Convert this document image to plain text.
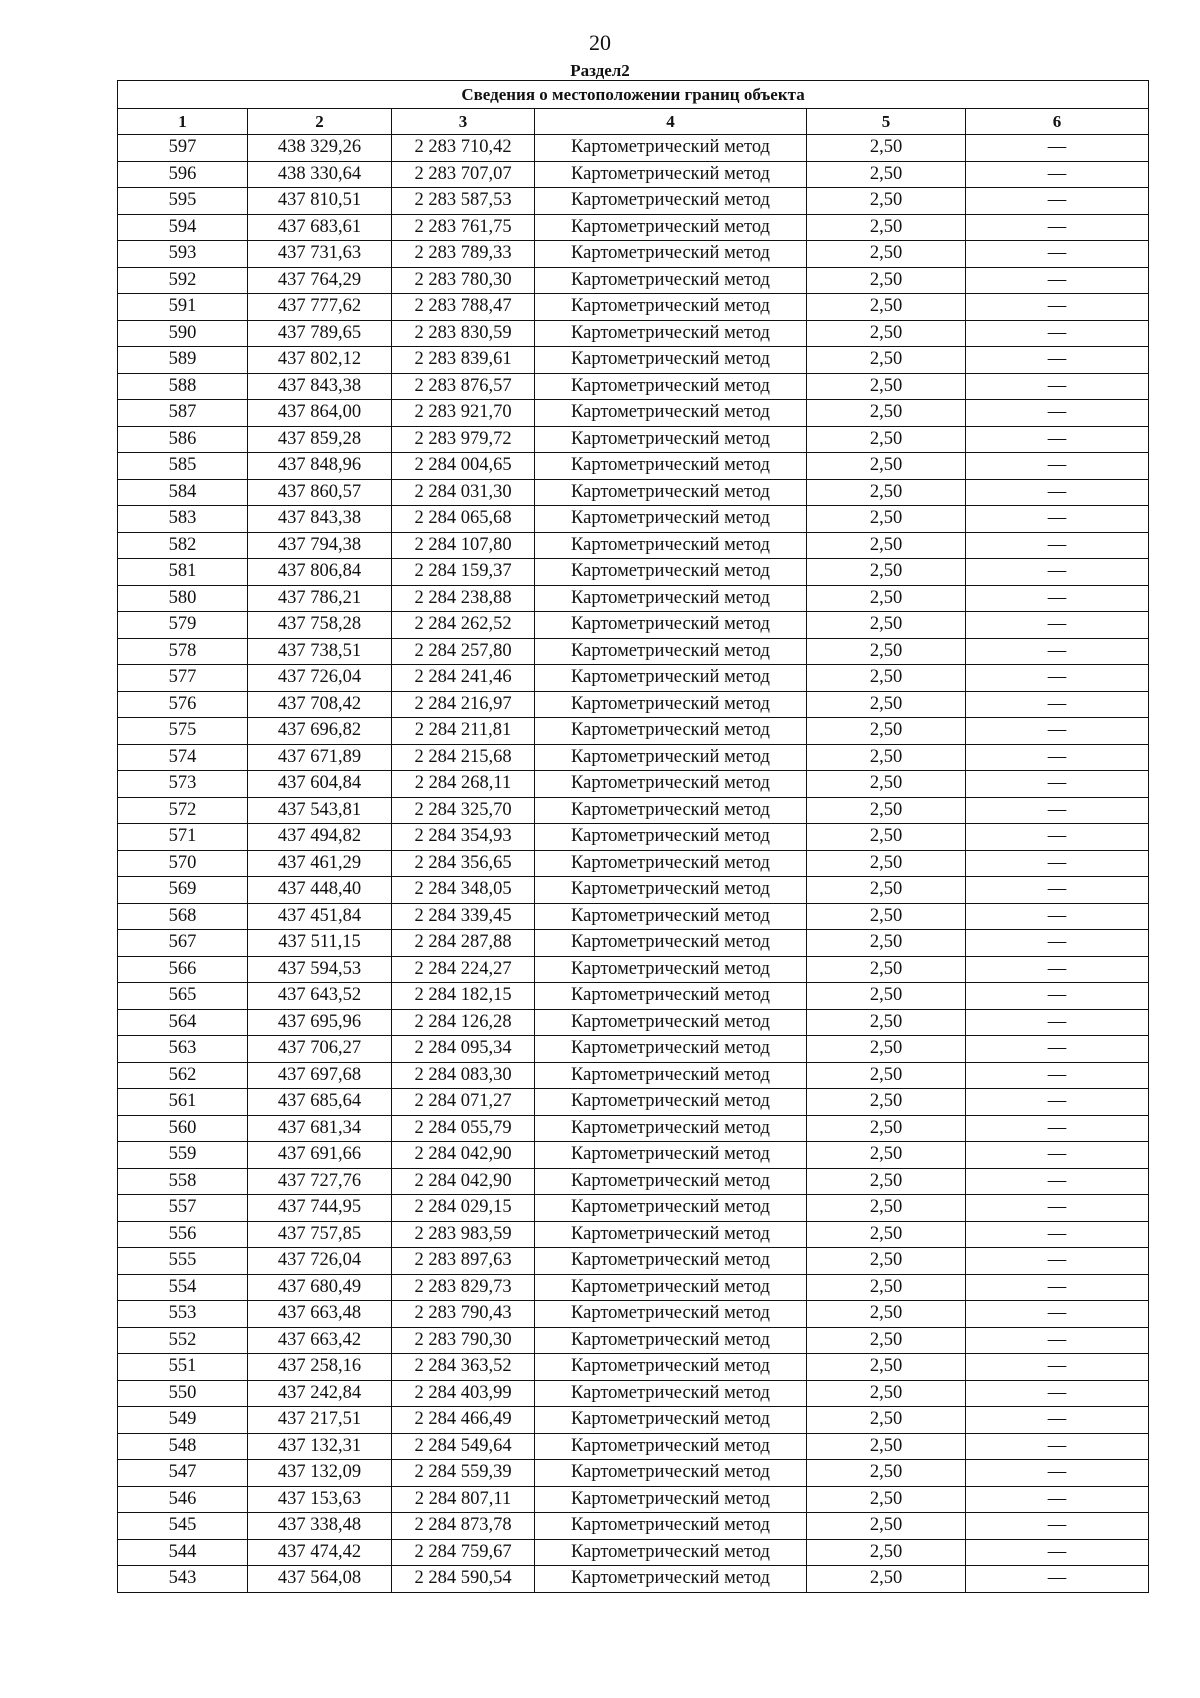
20
Раздел2
Сведения о местоположении границ объекта					
1	2	3	4	5	6
597	438 329,26	2 283 710,42	Картометрический метод	2,50	—
596	438 330,64	2 283 707,07	Картометрический метод	2,50	—
595	437 810,51	2 283 587,53	Картометрический метод	2,50	—
594	437 683,61	2 283 761,75	Картометрический метод	2,50	—
593	437 731,63	2 283 789,33	Картометрический метод	2,50	—
592	437 764,29	2 283 780,30	Картометрический метод	2,50	—
591	437 777,62	2 283 788,47	Картометрический метод	2,50	—
590	437 789,65	2 283 830,59	Картометрический метод	2,50	—
589	437 802,12	2 283 839,61	Картометрический метод	2,50	—
588	437 843,38	2 283 876,57	Картометрический метод	2,50	—
587	437 864,00	2 283 921,70	Картометрический метод	2,50	—
586	437 859,28	2 283 979,72	Картометрический метод	2,50	—
585	437 848,96	2 284 004,65	Картометрический метод	2,50	—
584	437 860,57	2 284 031,30	Картометрический метод	2,50	—
583	437 843,38	2 284 065,68	Картометрический метод	2,50	—
582	437 794,38	2 284 107,80	Картометрический метод	2,50	—
581	437 806,84	2 284 159,37	Картометрический метод	2,50	—
580	437 786,21	2 284 238,88	Картометрический метод	2,50	—
579	437 758,28	2 284 262,52	Картометрический метод	2,50	—
578	437 738,51	2 284 257,80	Картометрический метод	2,50	—
577	437 726,04	2 284 241,46	Картометрический метод	2,50	—
576	437 708,42	2 284 216,97	Картометрический метод	2,50	—
575	437 696,82	2 284 211,81	Картометрический метод	2,50	—
574	437 671,89	2 284 215,68	Картометрический метод	2,50	—
573	437 604,84	2 284 268,11	Картометрический метод	2,50	—
572	437 543,81	2 284 325,70	Картометрический метод	2,50	—
571	437 494,82	2 284 354,93	Картометрический метод	2,50	—
570	437 461,29	2 284 356,65	Картометрический метод	2,50	—
569	437 448,40	2 284 348,05	Картометрический метод	2,50	—
568	437 451,84	2 284 339,45	Картометрический метод	2,50	—
567	437 511,15	2 284 287,88	Картометрический метод	2,50	—
566	437 594,53	2 284 224,27	Картометрический метод	2,50	—
565	437 643,52	2 284 182,15	Картометрический метод	2,50	—
564	437 695,96	2 284 126,28	Картометрический метод	2,50	—
563	437 706,27	2 284 095,34	Картометрический метод	2,50	—
562	437 697,68	2 284 083,30	Картометрический метод	2,50	—
561	437 685,64	2 284 071,27	Картометрический метод	2,50	—
560	437 681,34	2 284 055,79	Картометрический метод	2,50	—
559	437 691,66	2 284 042,90	Картометрический метод	2,50	—
558	437 727,76	2 284 042,90	Картометрический метод	2,50	—
557	437 744,95	2 284 029,15	Картометрический метод	2,50	—
556	437 757,85	2 283 983,59	Картометрический метод	2,50	—
555	437 726,04	2 283 897,63	Картометрический метод	2,50	—
554	437 680,49	2 283 829,73	Картометрический метод	2,50	—
553	437 663,48	2 283 790,43	Картометрический метод	2,50	—
552	437 663,42	2 283 790,30	Картометрический метод	2,50	—
551	437 258,16	2 284 363,52	Картометрический метод	2,50	—
550	437 242,84	2 284 403,99	Картометрический метод	2,50	—
549	437 217,51	2 284 466,49	Картометрический метод	2,50	—
548	437 132,31	2 284 549,64	Картометрический метод	2,50	—
547	437 132,09	2 284 559,39	Картометрический метод	2,50	—
546	437 153,63	2 284 807,11	Картометрический метод	2,50	—
545	437 338,48	2 284 873,78	Картометрический метод	2,50	—
544	437 474,42	2 284 759,67	Картометрический метод	2,50	—
543	437 564,08	2 284 590,54	Картометрический метод	2,50	—
